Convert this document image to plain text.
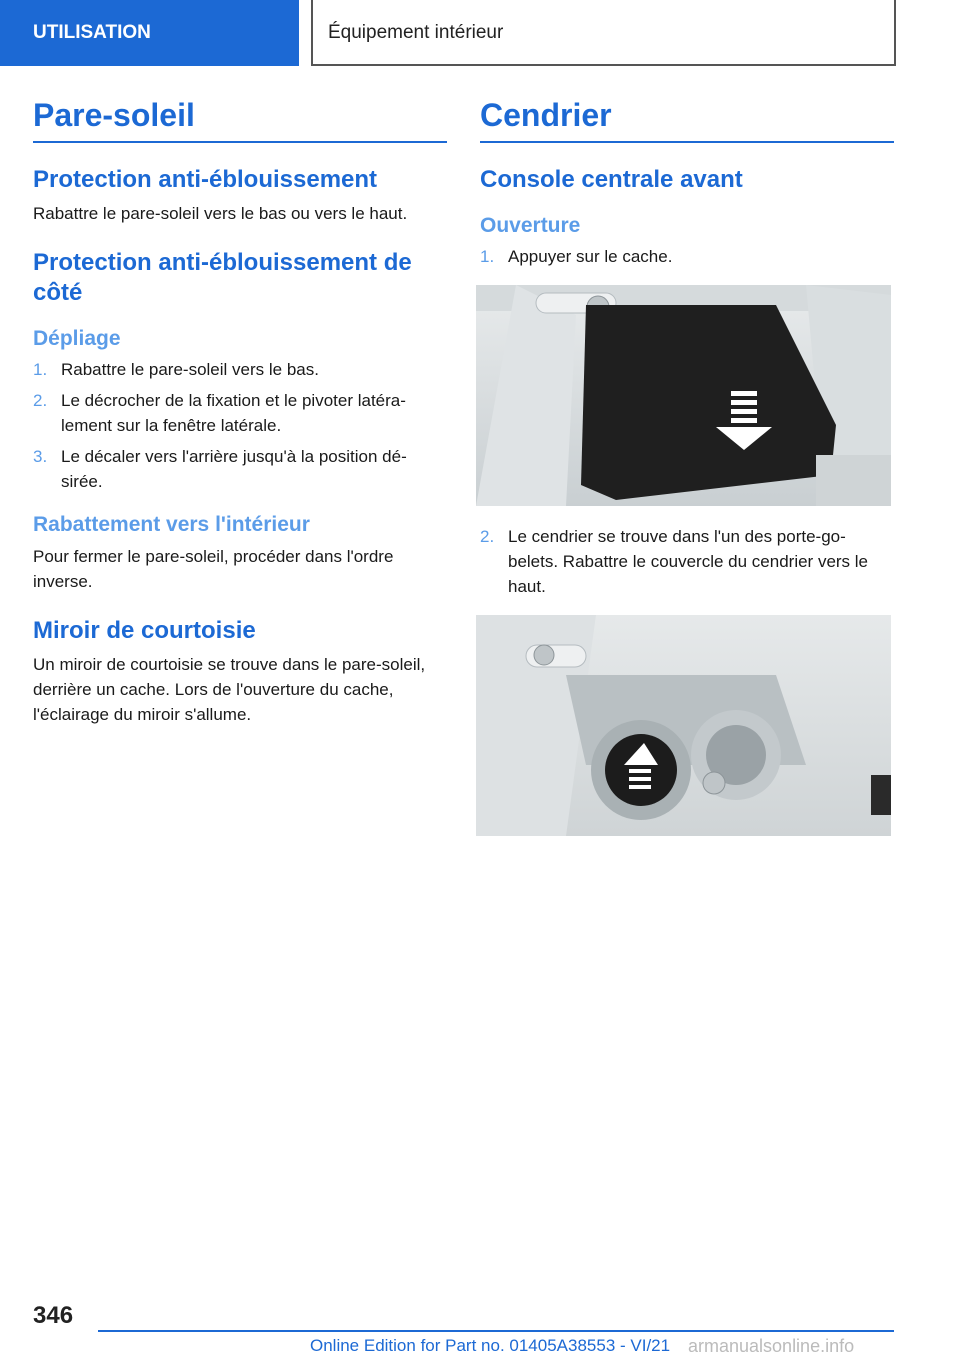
UTILISATION	Équipement intérieur
Pare-soleil
Protection anti-éblouissement

Rabattre le pare-soleil vers le bas ou vers le haut.

Protection anti-éblouissement de côté
Dépliage
1. Rabattre le pare-soleil vers le bas.
2. Le décrocher de la fixation et le pivoter latéra-lement sur la fenêtre latérale.
3. Le décaler vers l'arrière jusqu'à la position dé-sirée.
Rabattement vers l'intérieur

Pour fermer le pare-soleil, procéder dans l'ordre inverse.

Miroir de courtoisie

Un miroir de courtoisie se trouve dans le pare-soleil, derrière un cache. Lors de l'ouverture du cache, l'éclairage du miroir s'allume.

Cendrier
Console centrale avant
Ouverture
1. Appuyer sur le cache.
2. Le cendrier se trouve dans l'un des porte-go-belets. Rabattre le couvercle du cendrier vers le haut.
346
Online Edition for Part no. 01405A38553 - VI/21 armanualsonline.info
